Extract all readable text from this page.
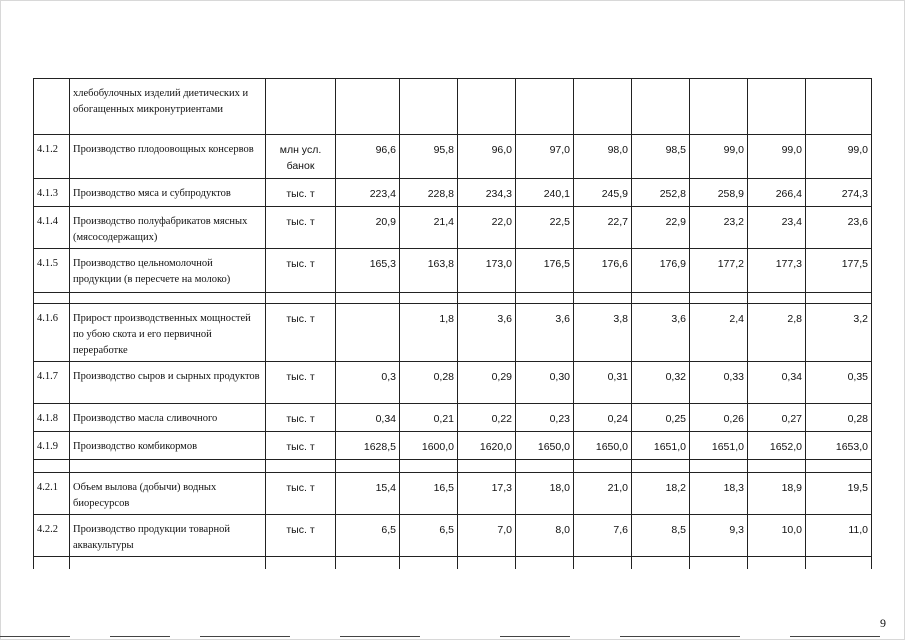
	хлебобулочных изделий диетических и обогащенных микронутриентами										
4.1.2	Производство плодоовощных консервов	млн усл. банок	96,6	95,8	96,0	97,0	98,0	98,5	99,0	99,0	99,0
4.1.3	Производство мяса и субпродуктов	тыс. т	223,4	228,8	234,3	240,1	245,9	252,8	258,9	266,4	274,3
4.1.4	Производство полуфабрикатов мясных (мясосодержащих)	тыс. т	20,9	21,4	22,0	22,5	22,7	22,9	23,2	23,4	23,6
4.1.5	Производство цельномолочной продукции (в пересчете на молоко)	тыс. т	165,3	163,8	173,0	176,5	176,6	176,9	177,2	177,3	177,5

4.1.6	Прирост производственных мощностей по убою скота и его первичной переработке	тыс. т		1,8	3,6	3,6	3,8	3,6	2,4	2,8	3,2
4.1.7	Производство сыров и сырных продуктов	тыс. т	0,3	0,28	0,29	0,30	0,31	0,32	0,33	0,34	0,35
4.1.8	Производство масла сливочного	тыс. т	0,34	0,21	0,22	0,23	0,24	0,25	0,26	0,27	0,28
4.1.9	Производство комбикормов	тыс. т	1628,5	1600,0	1620,0	1650,0	1650,0	1651,0	1651,0	1652,0	1653,0

4.2.1	Объем вылова (добычи) водных биоресурсов	тыс. т	15,4	16,5	17,3	18,0	21,0	18,2	18,3	18,9	19,5
4.2.2	Производство продукции товарной аквакультуры	тыс. т	6,5	6,5	7,0	8,0	7,6	8,5	9,3	10,0	11,0

9
